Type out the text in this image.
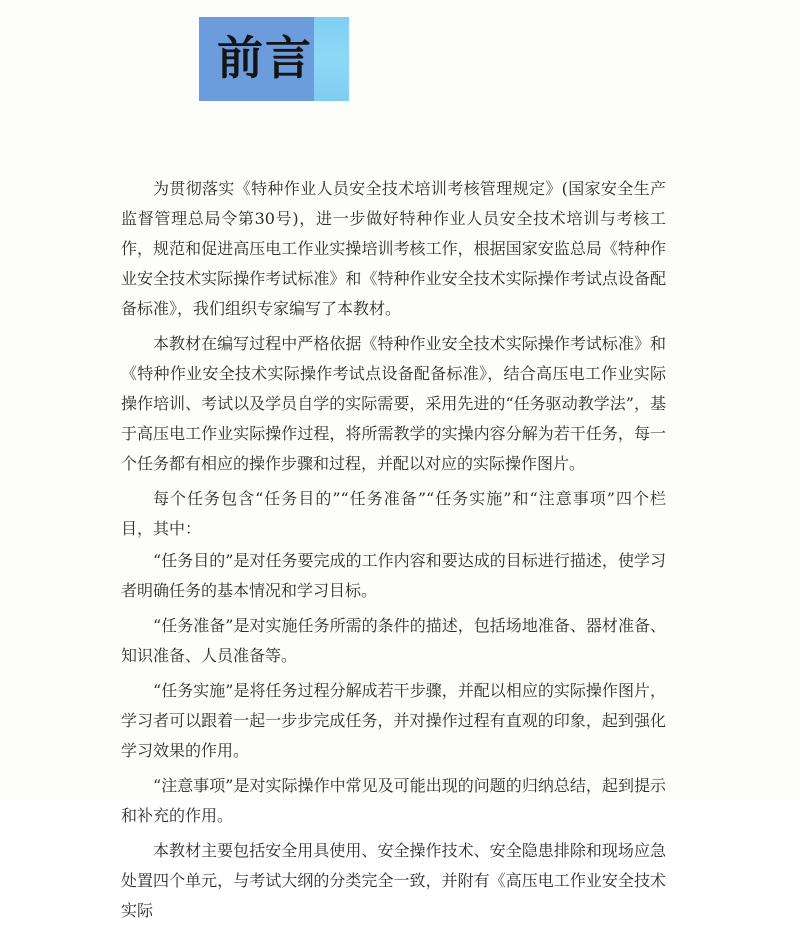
前言

为贯彻落实《特种作业人员安全技术培训考核管理规定》(国家安全生产监督管理总局令第30号)，进一步做好特种作业人员安全技术培训与考核工作，规范和促进高压电工作业实操培训考核工作，根据国家安监总局《特种作业安全技术实际操作考试标准》和《特种作业安全技术实际操作考试点设备配备标准》，我们组织专家编写了本教材。

本教材在编写过程中严格依据《特种作业安全技术实际操作考试标准》和《特种作业安全技术实际操作考试点设备配备标准》，结合高压电工作业实际操作培训、考试以及学员自学的实际需要，采用先进的“任务驱动教学法”，基于高压电工作业实际操作过程，将所需教学的实操内容分解为若干任务，每一个任务都有相应的操作步骤和过程，并配以对应的实际操作图片。

每个任务包含“任务目的”“任务准备”“任务实施”和“注意事项”四个栏目，其中：

“任务目的”是对任务要完成的工作内容和要达成的目标进行描述，使学习者明确任务的基本情况和学习目标。

“任务准备”是对实施任务所需的条件的描述，包括场地准备、器材准备、知识准备、人员准备等。

“任务实施”是将任务过程分解成若干步骤，并配以相应的实际操作图片，学习者可以跟着一起一步步完成任务，并对操作过程有直观的印象，起到强化学习效果的作用。

“注意事项”是对实际操作中常见及可能出现的问题的归纳总结，起到提示和补充的作用。

本教材主要包括安全用具使用、安全操作技术、安全隐患排除和现场应急处置四个单元，与考试大纲的分类完全一致，并附有《高压电工作业安全技术实际
